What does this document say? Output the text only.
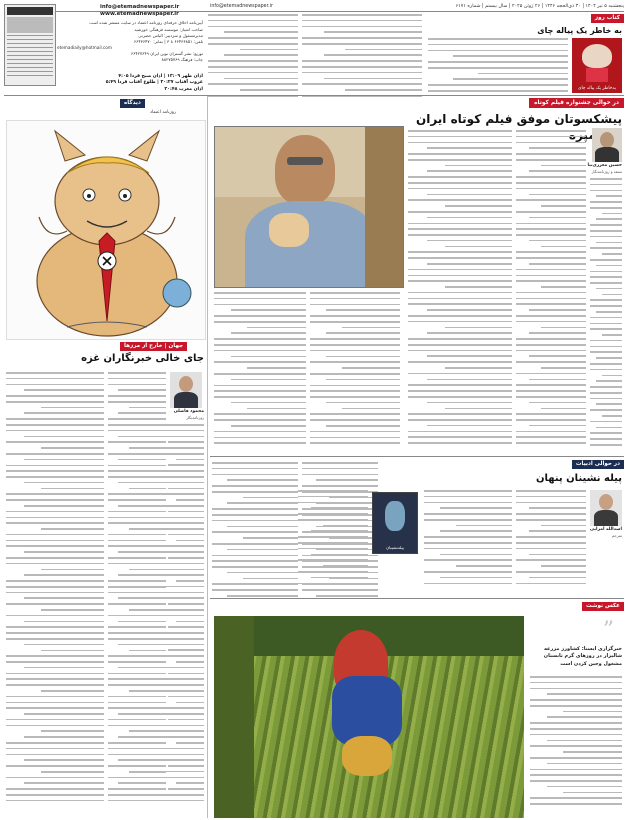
پنجشنبه ۵ تیر ۱۴۰۴ | ۳۰ ذی‌الحجه ۱۴۴۶ | ۲۶ ژوئن ۲۰۲۵ | سال بیستم | شماره ۶۱۷۱
info@etemadnewspaper.ir
info@etemadnewspaper.ir
www.etemadnewspaper.ir
آیین‌نامه اخلاق حرفه‌ای روزنامه اعتماد در سایت منتشر شده است
صاحب امتیاز: موسسه فرهنگی خورشید
مدیرمسئول و سردبیر: الیاس حضرتی
تلفن: ۶۶۴۳۶۸۵۱ تا ۳ | نمابر: ۶۶۴۳۶۴۷۰
etemadiaily@hotmail.com
توزیع: نشر گستران نوین ایران ۶۶۴۲۷۶۴۹
چاپ: فرهنگ ۸۸۲۷۵۷۶۹
اذان ظهر ۱۳:۰۹ | اذان صبح فردا ۴:۰۵
غروب آفتاب ۲۰:۲۷ | طلوع آفتاب فردا ۵:۴۹
اذان مغرب ۲۰:۴۸
کتاب روز
به خاطر یک پیاله چای
به‌خاطر یک پیاله چای
در حوالی جشنواره فیلم کوتاه
پیشکسوتان موفق فیلم کوتاه ایران تامپره
حسین معززی‌نیا
منتقد و روزنامه‌نگار
دیدگاه
روزنامه اعتماد
جهان | خارج از مرزها
جای خالی خبرنگاران غزه
محمود فاضلی
روزنامه‌نگار
در حوالی ادبیات
پیله نشینان پنهان
اسدالله امرایی
مترجم
پیله‌نشینان
عکس نوشت
”
خبرگزاری ایسنا: کشاورز مزرعه شالیزار در روزهای گرم تابستان مشغول وجین کردن است
